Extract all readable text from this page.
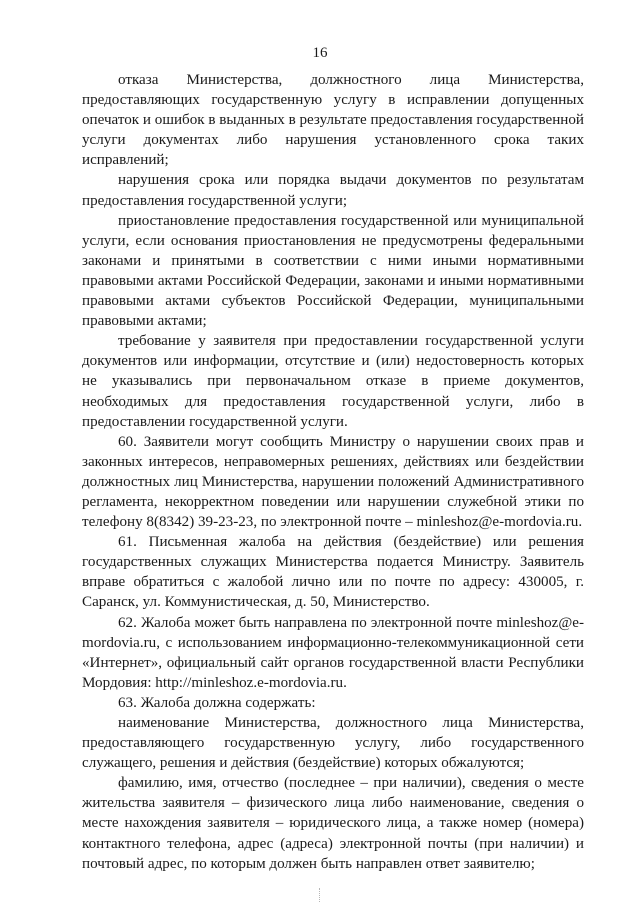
16

отказа Министерства, должностного лица Министерства, предоставляющих государственную услугу в исправлении допущенных опечаток и ошибок в выданных в результате предоставления государственной услуги документах либо нарушения установленного срока таких исправлений;

нарушения срока или порядка выдачи документов по результатам предоставления государственной услуги;

приостановление предоставления государственной или муниципальной услуги, если основания приостановления не предусмотрены федеральными законами и принятыми в соответствии с ними иными нормативными правовыми актами Российской Федерации, законами и иными нормативными правовыми актами субъектов Российской Федерации, муниципальными правовыми актами;

требование у заявителя при предоставлении государственной услуги документов или информации, отсутствие и (или) недостоверность которых не указывались при первоначальном отказе в приеме документов, необходимых для предоставления государственной услуги, либо в предоставлении государственной услуги.

60. Заявители могут сообщить Министру о нарушении своих прав и законных интересов, неправомерных решениях, действиях или бездействии должностных лиц Министерства, нарушении положений Административного регламента, некорректном поведении или нарушении служебной этики по телефону 8(8342) 39-23-23, по электронной почте – minleshoz@e-mordovia.ru.

61. Письменная жалоба на действия (бездействие) или решения государственных служащих Министерства подается Министру. Заявитель вправе обратиться с жалобой лично или по почте по адресу: 430005, г. Саранск, ул. Коммунистическая, д. 50, Министерство.

62. Жалоба может быть направлена по электронной почте minleshoz@e-mordovia.ru, с использованием информационно-телекоммуникационной сети «Интернет», официальный сайт органов государственной власти Республики Мордовия: http://minleshoz.e-mordovia.ru.

63. Жалоба должна содержать:

наименование Министерства, должностного лица Министерства, предоставляющего государственную услугу, либо государственного служащего, решения и действия (бездействие) которых обжалуются;

фамилию, имя, отчество (последнее – при наличии), сведения о месте жительства заявителя – физического лица либо наименование, сведения о месте нахождения заявителя – юридического лица, а также номер (номера) контактного телефона, адрес (адреса) электронной почты (при наличии) и почтовый адрес, по которым должен быть направлен ответ заявителю;
